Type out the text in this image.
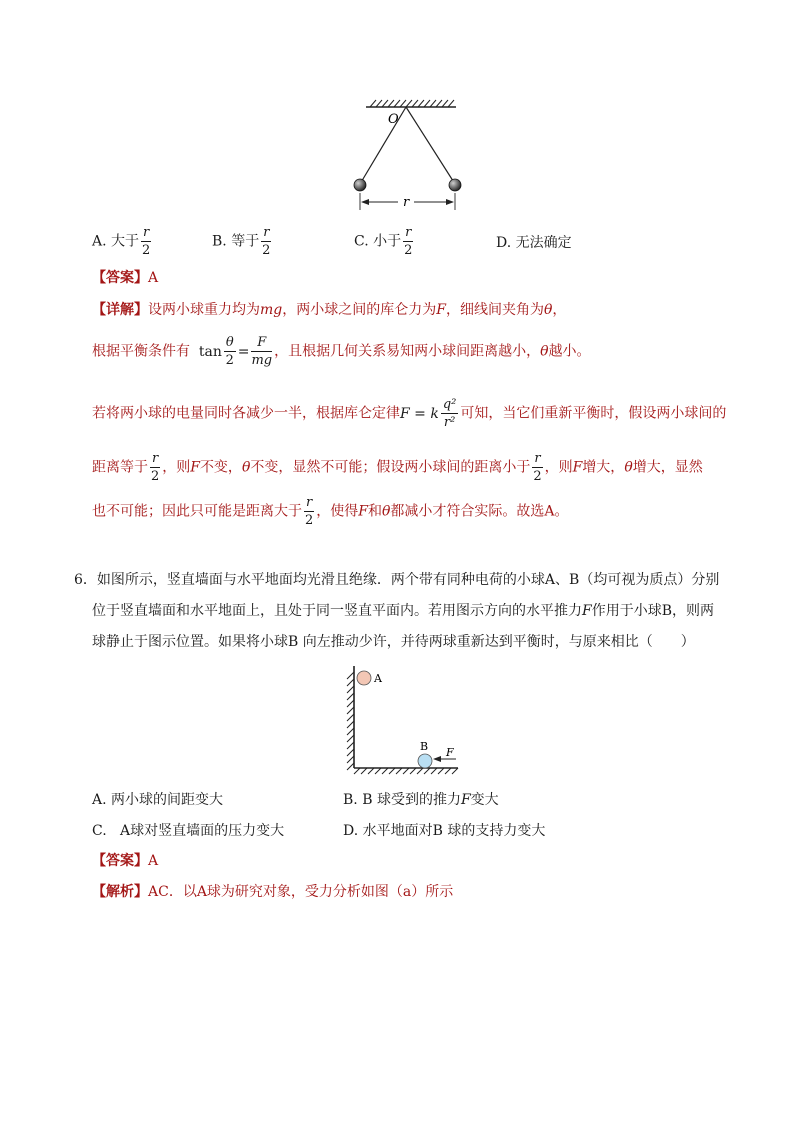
O
r
A. 大于 $\frac{r}{2}$	B. 等于 $\frac{r}{2}$	C. 小于 $\frac{r}{2}$	D. 无法确定
【答案】A
【详解】设两小球重力均为mg，两小球之间的库仑力为F，细线间夹角为θ，
根据平衡条件有 $\tan \frac{\theta}{2} = \frac{F}{mg}$ ，且根据几何关系易知两小球间距离越小，θ越小。
若将两小球的电量同时各减少一半，根据库仑定律F = k $\frac{\text{q²}}{\text{r²}}$ 可知，当它们重新平衡时，假设两小球间的
距离等于 $\frac{r}{2}$ ，则F不变，θ不变，显然不可能；假设两小球间的距离小于 $\frac{r}{2}$ ，则F增大，θ增大，显然
也不可能；因此只可能是距离大于 $\frac{r}{2}$ ，使得F和θ都减小才符合实际。故选A。
6．如图所示，竖直墙面与水平地面均光滑且绝缘．两个带有同种电荷的小球A、B（均可视为质点）分别
位于竖直墙面和水平地面上，且处于同一竖直平面内。若用图示方向的水平推力F作用于小球B，则两
球静止于图示位置。如果将小球B 向左推动少许，并待两球重新达到平衡时，与原来相比（　　）
A
B F
A. 两小球的间距变大	B. B 球受到的推力F变大
C. A球对竖直墙面的压力变大	D. 水平地面对B 球的支持力变大
【答案】A
【解析】AC．以A球为研究对象，受力分析如图（a）所示
